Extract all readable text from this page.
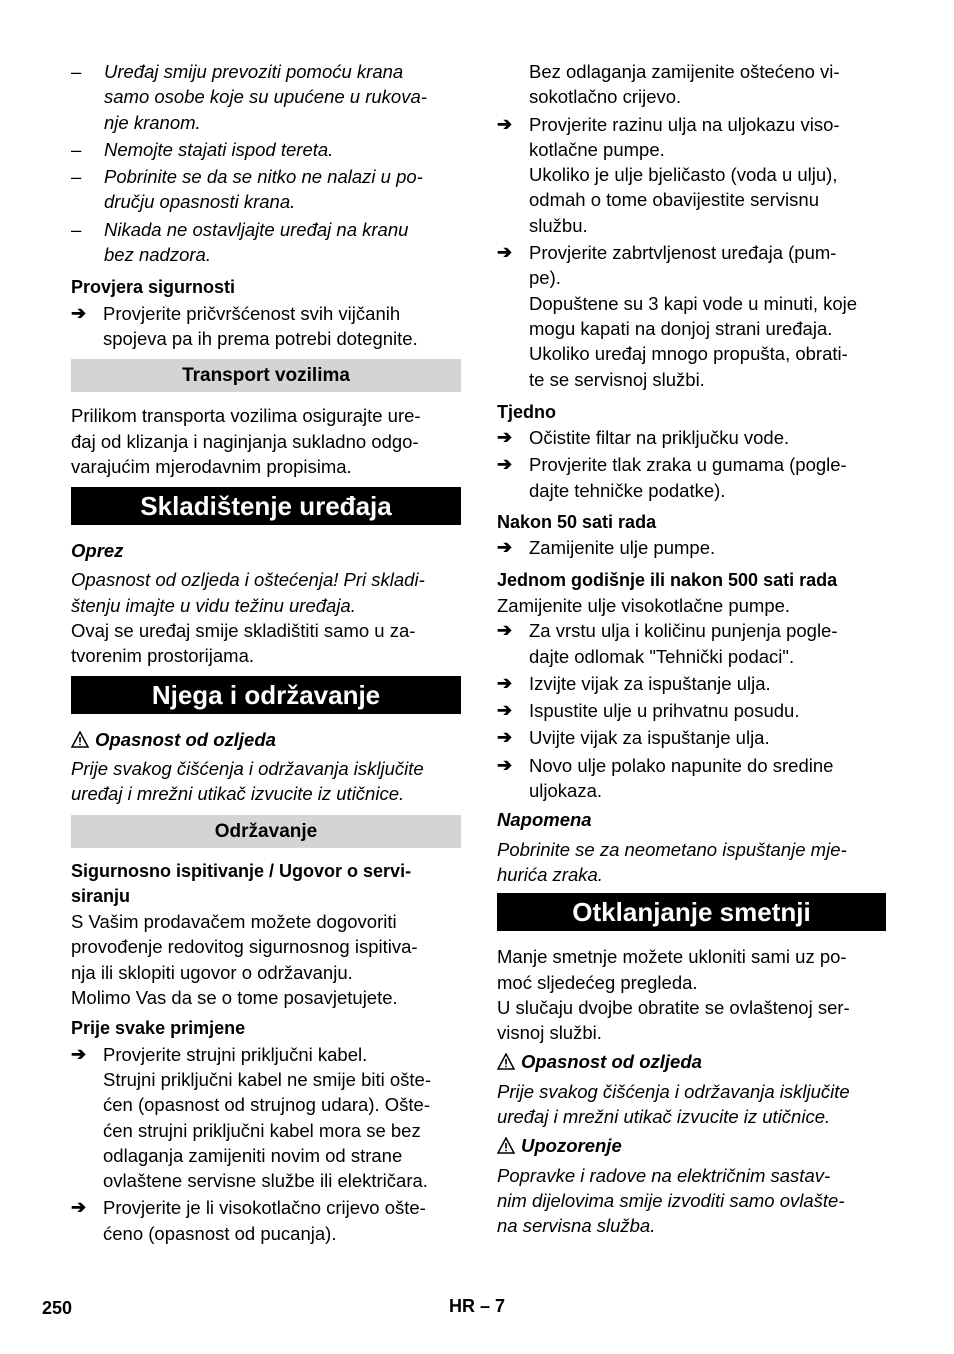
– Uređaj smiju prevoziti pomoću krana
samo osobe koje su upućene u rukova-
nje kranom.
– Nemojte stajati ispod tereta.
– Pobrinite se da se nitko ne nalazi u po-
dručju opasnosti krana.
– Nikada ne ostavljajte uređaj na kranu
bez nadzora.

Provjera sigurnosti

➔ Provjerite pričvršćenost svih vijčanih
spojeva pa ih prema potrebi dotegnite.
Transport vozilima

Prilikom transporta vozilima osigurajte ure-
đaj od klizanja i naginjanja sukladno odgo-
varajućim mjerodavnim propisima.

Skladištenje uređaja

Oprez

Opasnost od ozljeda i oštećenja! Pri skladi-
štenju imajte u vidu težinu uređaja.

Ovaj se uređaj smije skladištiti samo u za-
tvorenim prostorijama.

Njega i održavanje

Opasnost od ozljeda

Prije svakog čišćenja i održavanja isključite
uređaj i mrežni utikač izvucite iz utičnice.

Održavanje

Sigurnosno ispitivanje / Ugovor o servi-
siranju

S Vašim prodavačem možete dogovoriti
provođenje redovitog sigurnosnog ispitiva-
nja ili sklopiti ugovor o održavanju.
Molimo Vas da se o tome posavjetujete.

Prije svake primjene

➔ Provjerite strujni priključni kabel.

Strujni priključni kabel ne smije biti ošte-
ćen (opasnost od strujnog udara). Ošte-
ćen strujni priključni kabel mora se bez
odlaganja zamijeniti novim od strane
ovlaštene servisne službe ili električara.

➔ Provjerite je li visokotlačno crijevo ošte-
ćeno (opasnost od pucanja).

Bez odlaganja zamijenite oštećeno vi-
sokotlačno crijevo.

➔ Provjerite razinu ulja na uljokazu viso-
kotlačne pumpe.

Ukoliko je ulje bjeličasto (voda u ulju),
odmah o tome obavijestite servisnu
službu.

➔ Provjerite zabrtvljenost uređaja (pum-
pe).

Dopuštene su 3 kapi vode u minuti, koje
mogu kapati na donjoj strani uređaja.
Ukoliko uređaj mnogo propušta, obrati-
te se servisnoj službi.

Tjedno

➔ Očistite filtar na priključku vode.
➔ Provjerite tlak zraka u gumama (pogle-
dajte tehničke podatke).

Nakon 50 sati rada

➔ Zamijenite ulje pumpe.

Jednom godišnje ili nakon 500 sati rada

Zamijenite ulje visokotlačne pumpe.

➔ Za vrstu ulja i količinu punjenja pogle-
dajte odlomak "Tehnički podaci".
➔ Izvijte vijak za ispuštanje ulja.
➔ Ispustite ulje u prihvatnu posudu.
➔ Uvijte vijak za ispuštanje ulja.
➔ Novo ulje polako napunite do sredine
uljokaza.

Napomena

Pobrinite se za neometano ispuštanje mje-
hurića zraka.

Otklanjanje smetnji

Manje smetnje možete ukloniti sami uz po-
moć sljedećeg pregleda.
U slučaju dvojbe obratite se ovlaštenoj ser-
visnoj službi.

Opasnost od ozljeda

Prije svakog čišćenja i održavanja isključite
uređaj i mrežni utikač izvucite iz utičnice.

Upozorenje

Popravke i radove na električnim sastav-
nim dijelovima smije izvoditi samo ovlašte-
na servisna služba.

250	HR – 7
